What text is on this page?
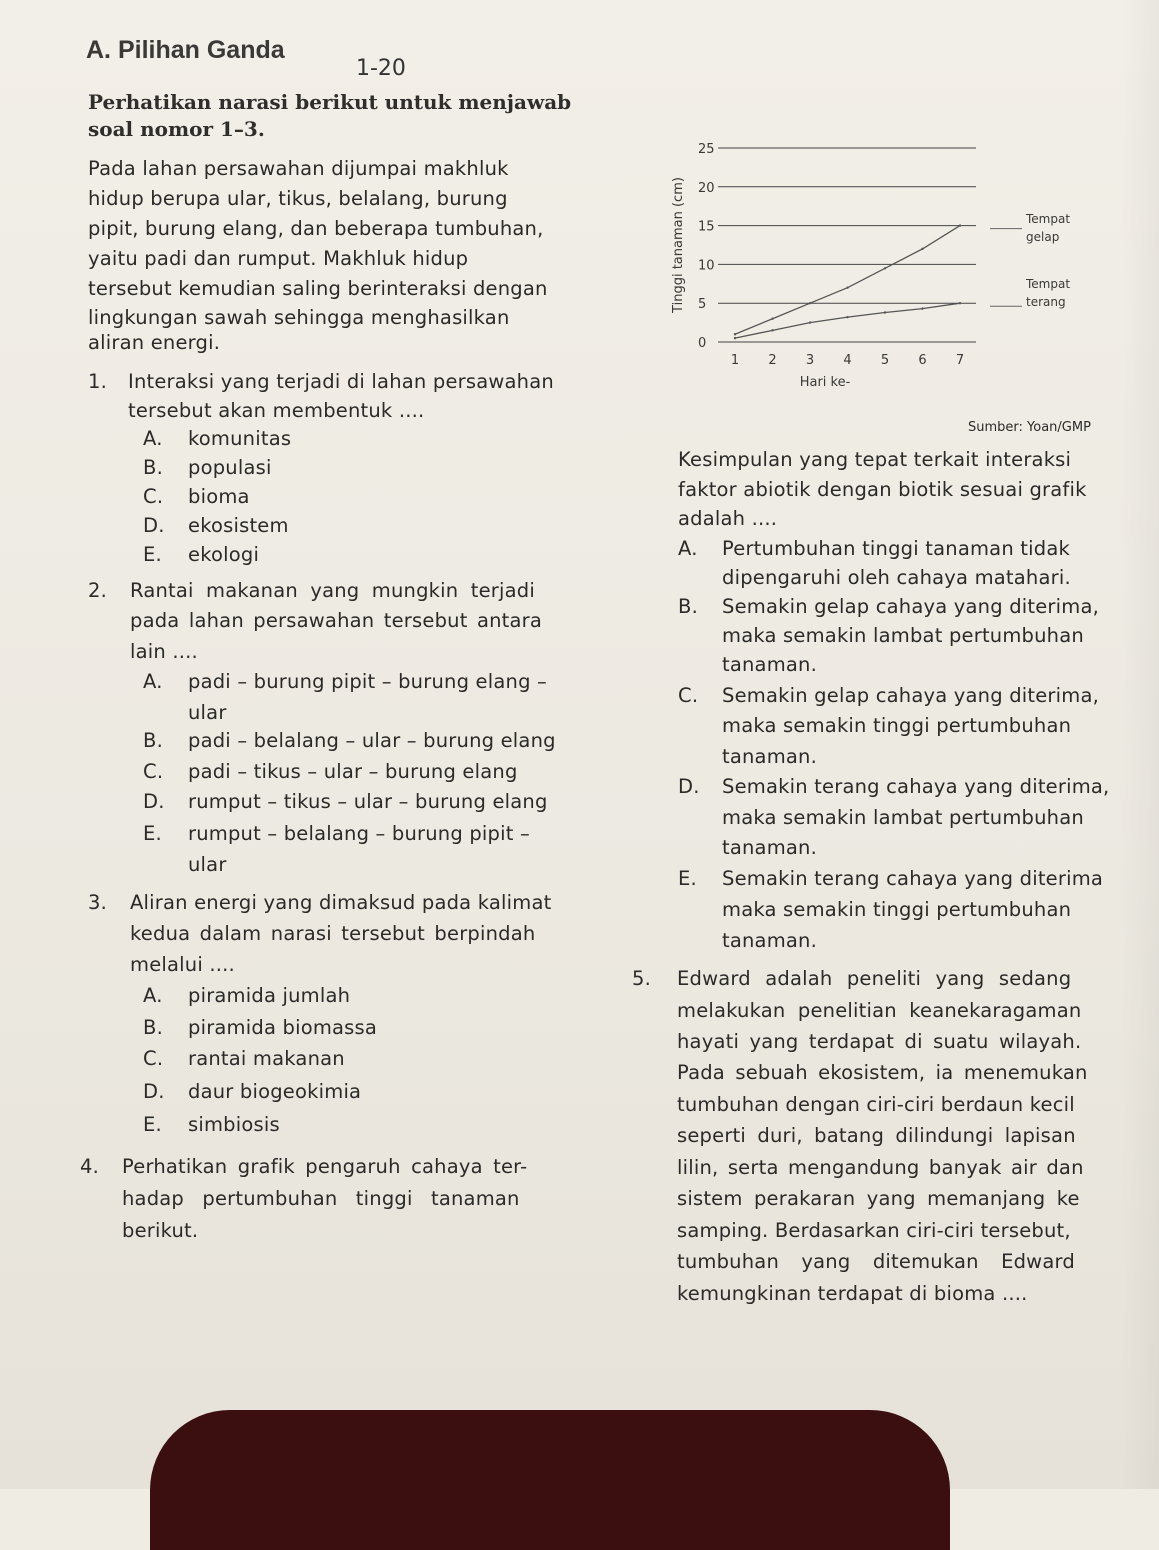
A. Pilihan Ganda
1-20
Perhatikan narasi berikut untuk menjawab
soal nomor 1–3.
Pada lahan persawahan dijumpai makhluk
hidup berupa ular, tikus, belalang, burung
pipit, burung elang, dan beberapa tumbuhan,
yaitu padi dan rumput. Makhluk hidup
tersebut kemudian saling berinteraksi dengan
lingkungan sawah sehingga menghasilkan
aliran energi.
1. Interaksi yang terjadi di lahan persawahan
tersebut akan membentuk ....
A. komunitas
B. populasi
C. bioma
D. ekosistem
E. ekologi
2. Rantai makanan yang mungkin terjadi
pada lahan persawahan tersebut antara
lain ....
A. padi – burung pipit – burung elang –
ular
B. padi – belalang – ular – burung elang
C. padi – tikus – ular – burung elang
D. rumput – tikus – ular – burung elang
E. rumput – belalang – burung pipit –
ular
3. Aliran energi yang dimaksud pada kalimat
kedua dalam narasi tersebut berpindah
melalui ....
A. piramida jumlah
B. piramida biomassa
C. rantai makanan
D. daur biogeokimia
E. simbiosis
4. Perhatikan grafik pengaruh cahaya ter-
hadap pertumbuhan tinggi tanaman
berikut.
0
5
10
15
20
25
1 2 3 4 5 6 7
Tinggi tanaman (cm)
Hari ke-
Tempat
gelap
Tempat
terang
Sumber: Yoan/GMP
Kesimpulan yang tepat terkait interaksi
faktor abiotik dengan biotik sesuai grafik
adalah ....
A. Pertumbuhan tinggi tanaman tidak
dipengaruhi oleh cahaya matahari.
B. Semakin gelap cahaya yang diterima,
maka semakin lambat pertumbuhan
tanaman.
C. Semakin gelap cahaya yang diterima,
maka semakin tinggi pertumbuhan
tanaman.
D. Semakin terang cahaya yang diterima,
maka semakin lambat pertumbuhan
tanaman.
E. Semakin terang cahaya yang diterima
maka semakin tinggi pertumbuhan
tanaman.
5. Edward adalah peneliti yang sedang
melakukan penelitian keanekaragaman
hayati yang terdapat di suatu wilayah.
Pada sebuah ekosistem, ia menemukan
tumbuhan dengan ciri-ciri berdaun kecil
seperti duri, batang dilindungi lapisan
lilin, serta mengandung banyak air dan
sistem perakaran yang memanjang ke
samping. Berdasarkan ciri-ciri tersebut,
tumbuhan yang ditemukan Edward
kemungkinan terdapat di bioma ....
